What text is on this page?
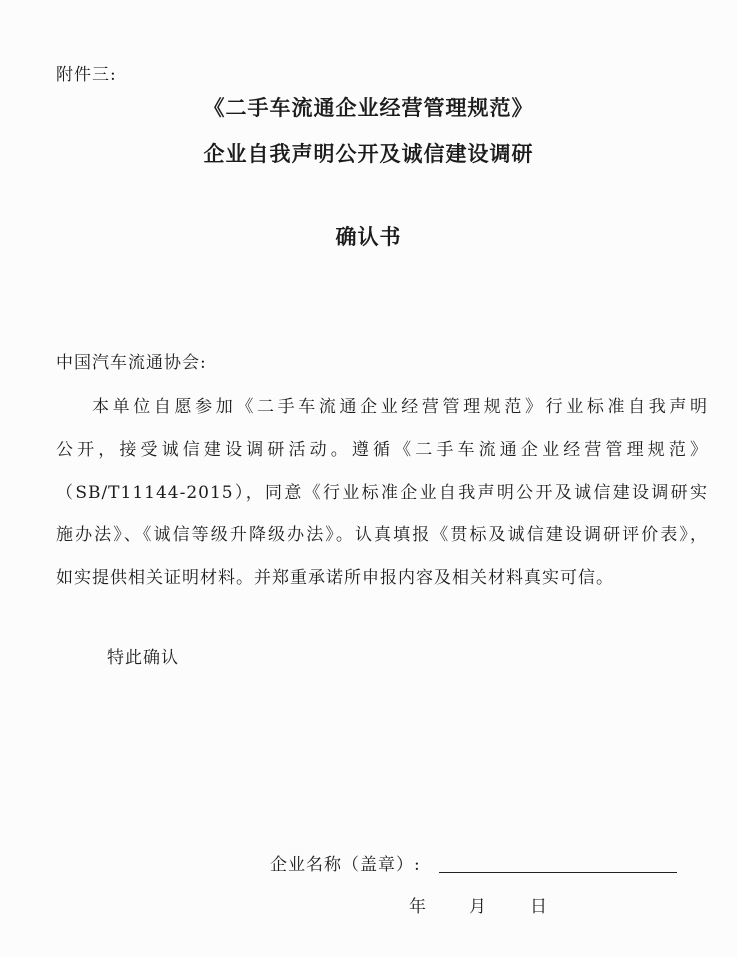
附件三:
《二手车流通企业经营管理规范》
企业自我声明公开及诚信建设调研
确认书
中国汽车流通协会:
本单位自愿参加《二手车流通企业经营管理规范》行业标准自我声明
公开，接受诚信建设调研活动。遵循《二手车流通企业经营管理规范》
（SB/T11144-2015），同意《行业标准企业自我声明公开及诚信建设调研实
施办法》、《诚信等级升降级办法》。认真填报《贯标及诚信建设调研评价表》，
如实提供相关证明材料。并郑重承诺所申报内容及相关材料真实可信。
特此确认
企业名称（盖章）:
年	月	日
